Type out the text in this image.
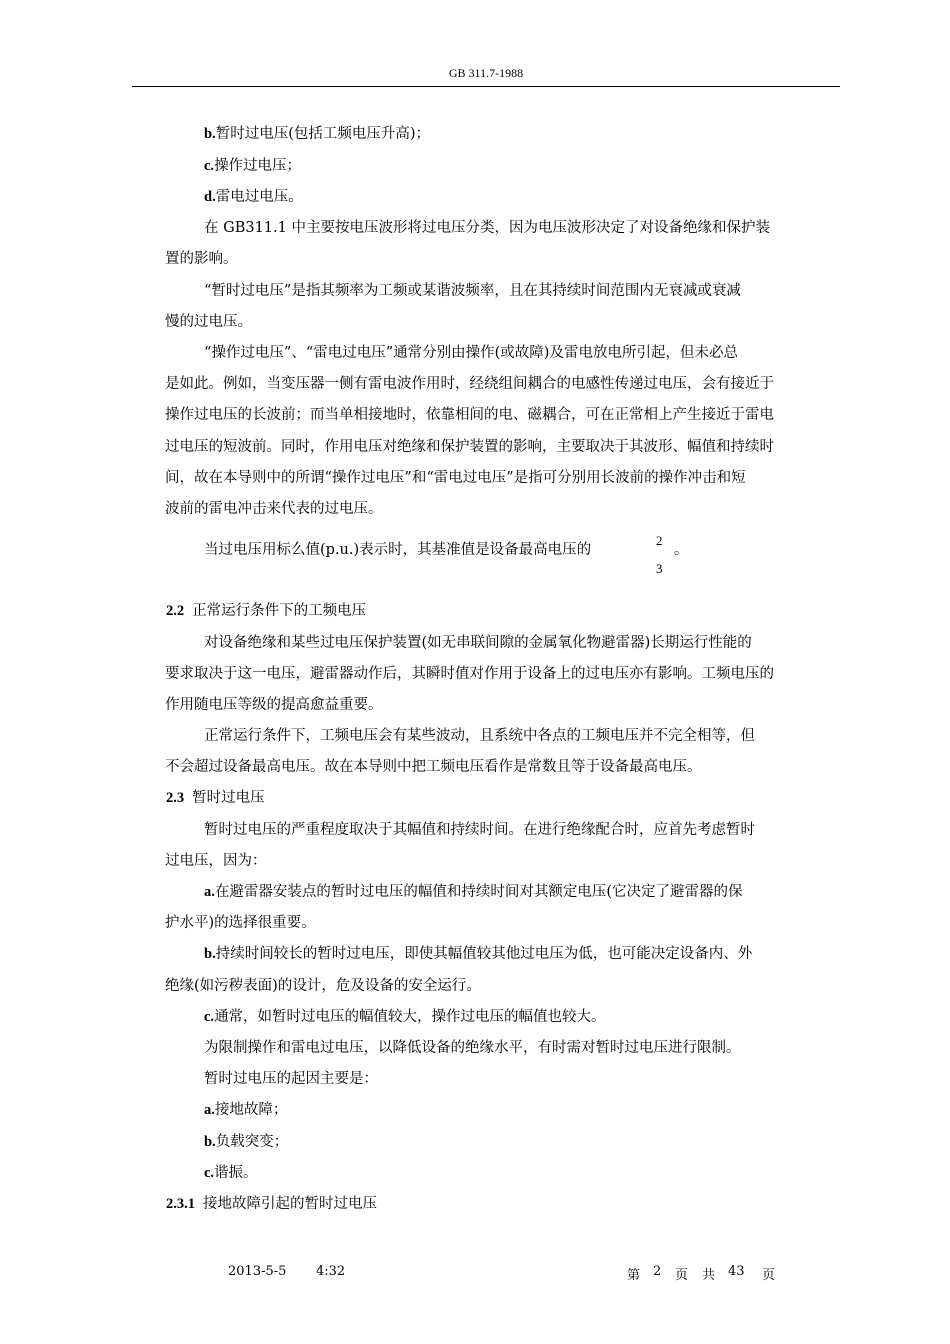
GB 311.7-1988
b.暂时过电压(包括工频电压升高)；
c.操作过电压；
d.雷电过电压。
在 GB311.1 中主要按电压波形将过电压分类，因为电压波形决定了对设备绝缘和保护装
置的影响。
“暂时过电压”是指其频率为工频或某谐波频率，且在其持续时间范围内无衰减或衰减
慢的过电压。
“操作过电压”、“雷电过电压”通常分别由操作(或故障)及雷电放电所引起，但未必总
是如此。例如，当变压器一侧有雷电波作用时，经绕组间耦合的电感性传递过电压，会有接近于
操作过电压的长波前；而当单相接地时，依靠相间的电、磁耦合，可在正常相上产生接近于雷电
过电压的短波前。同时，作用电压对绝缘和保护装置的影响，主要取决于其波形、幅值和持续时
间，故在本导则中的所谓“操作过电压”和“雷电过电压”是指可分别用长波前的操作冲击和短
波前的雷电冲击来代表的过电压。
当过电压用标么值(p.u.)表示时，其基准值是设备最高电压的	。
2.2 正常运行条件下的工频电压
对设备绝缘和某些过电压保护装置(如无串联间隙的金属氧化物避雷器)长期运行性能的
要求取决于这一电压，避雷器动作后，其瞬时值对作用于设备上的过电压亦有影响。工频电压的
作用随电压等级的提高愈益重要。
正常运行条件下，工频电压会有某些波动，且系统中各点的工频电压并不完全相等，但
不会超过设备最高电压。故在本导则中把工频电压看作是常数且等于设备最高电压。
2.3 暂时过电压
暂时过电压的严重程度取决于其幅值和持续时间。在进行绝缘配合时，应首先考虑暂时
过电压，因为：
a.在避雷器安装点的暂时过电压的幅值和持续时间对其额定电压(它决定了避雷器的保
护水平)的选择很重要。
b.持续时间较长的暂时过电压，即使其幅值较其他过电压为低，也可能决定设备内、外
绝缘(如污秽表面)的设计，危及设备的安全运行。
c.通常，如暂时过电压的幅值较大，操作过电压的幅值也较大。
为限制操作和雷电过电压，以降低设备的绝缘水平，有时需对暂时过电压进行限制。
暂时过电压的起因主要是：
a.接地故障；
b.负载突变；
c.谐振。
2.3.1 接地故障引起的暂时过电压
2
3
2013-5-5 4:32	第 2 页 共 43 页
